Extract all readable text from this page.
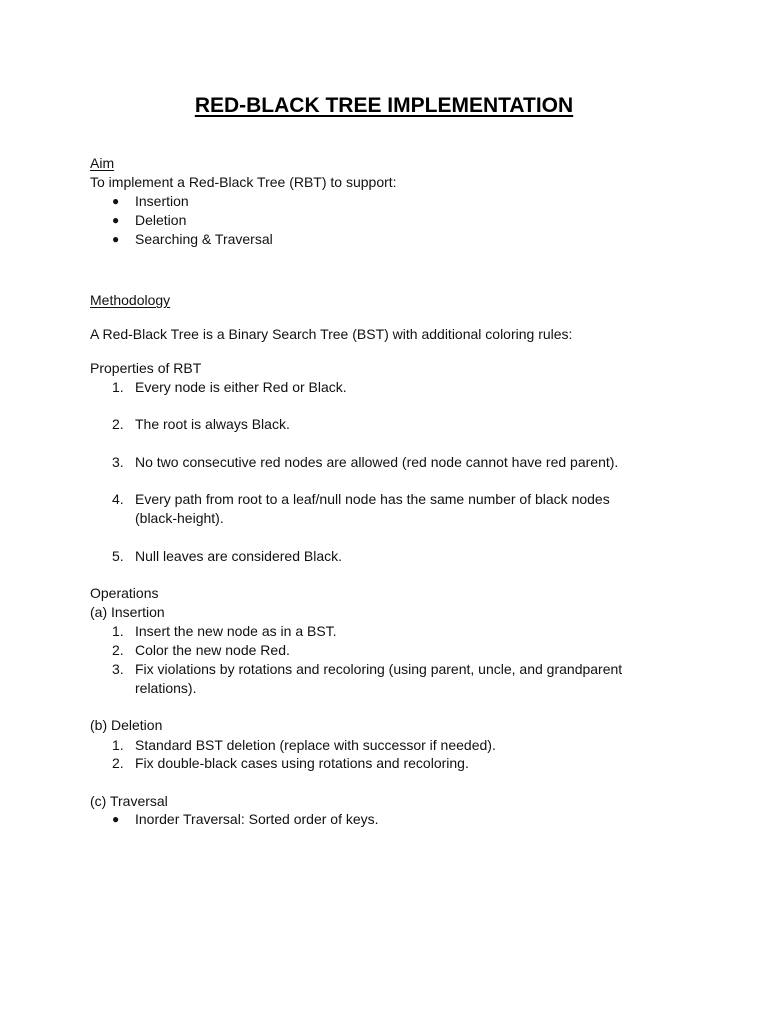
RED-BLACK TREE IMPLEMENTATION
Aim
To implement a Red-Black Tree (RBT) to support:
●	Insertion
●	Deletion
●	Searching & Traversal
Methodology
A Red-Black Tree is a Binary Search Tree (BST) with additional coloring rules:
Properties of RBT
1. Every node is either Red or Black.
2. The root is always Black.
3. No two consecutive red nodes are allowed (red node cannot have red parent).
4. Every path from root to a leaf/null node has the same number of black nodes
(black-height).
5. Null leaves are considered Black.
Operations
(a) Insertion
1. Insert the new node as in a BST.
2. Color the new node Red.
3. Fix violations by rotations and recoloring (using parent, uncle, and grandparent
relations).
(b) Deletion
1. Standard BST deletion (replace with successor if needed).
2. Fix double-black cases using rotations and recoloring.
(c) Traversal
●	Inorder Traversal: Sorted order of keys.
